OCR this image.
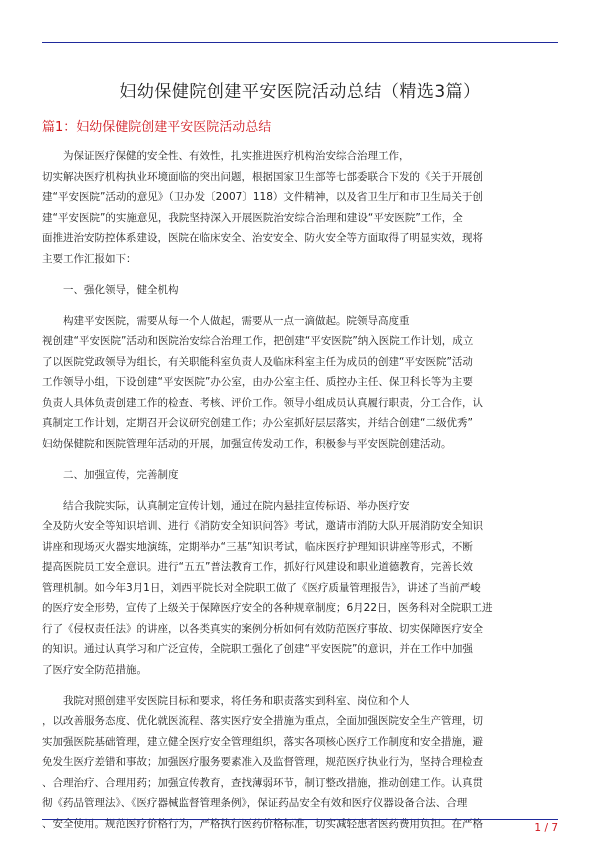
妇幼保健院创建平安医院活动总结（精选3篇）
篇1：妇幼保健院创建平安医院活动总结

为保证医疗保健的安全性、有效性，扎实推进医疗机构治安综合治理工作，

切实解决医疗机构执业环境面临的突出问题，根据国家卫生部等七部委联合下发的《关于开展创

建“平安医院”活动的意见》（卫办发〔2007〕118）文件精神，以及省卫生厅和市卫生局关于创

建“平安医院”的实施意见，我院坚持深入开展医院治安综合治理和建设“平安医院”工作，全

面推进治安防控体系建设，医院在临床安全、治安安全、防火安全等方面取得了明显实效，现将

主要工作汇报如下：

一、强化领导，健全机构

构建平安医院，需要从每一个人做起，需要从一点一滴做起。院领导高度重

视创建“平安医院”活动和医院治安综合治理工作，把创建“平安医院”纳入医院工作计划，成立

了以医院党政领导为组长，有关职能科室负责人及临床科室主任为成员的创建“平安医院”活动

工作领导小组，下设创建“平安医院”办公室，由办公室主任、质控办主任、保卫科长等为主要

负责人具体负责创建工作的检查、考核、评价工作。领导小组成员认真履行职责，分工合作，认

真制定工作计划，定期召开会议研究创建工作；办公室抓好层层落实，并结合创建“二级优秀”

妇幼保健院和医院管理年活动的开展，加强宣传发动工作，积极参与平安医院创建活动。

二、加强宣传，完善制度

结合我院实际，认真制定宣传计划，通过在院内悬挂宣传标语、举办医疗安

全及防火安全等知识培训、进行《消防安全知识问答》考试，邀请市消防大队开展消防安全知识

讲座和现场灭火器实地演练，定期举办“三基”知识考试，临床医疗护理知识讲座等形式，不断

提高医院员工安全意识。进行“五五”普法教育工作，抓好行风建设和职业道德教育，完善长效

管理机制。如今年3月1日，刘西平院长对全院职工做了《医疗质量管理报告》，讲述了当前严峻

的医疗安全形势，宣传了上级关于保障医疗安全的各种规章制度；6月22日，医务科对全院职工进

行了《侵权责任法》的讲座，以各类真实的案例分析如何有效防范医疗事故、切实保障医疗安全

的知识。通过认真学习和广泛宣传，全院职工强化了创建“平安医院”的意识，并在工作中加强

了医疗安全防范措施。

我院对照创建平安医院目标和要求，将任务和职责落实到科室、岗位和个人

，以改善服务态度、优化就医流程、落实医疗安全措施为重点，全面加强医院安全生产管理，切

实加强医院基础管理，建立健全医疗安全管理组织，落实各项核心医疗工作制度和安全措施，避

免发生医疗差错和事故；加强医疗服务要素准入及监督管理，规范医疗执业行为，坚持合理检查

、合理治疗、合理用药；加强宣传教育，查找薄弱环节，制订整改措施，推动创建工作。认真贯

彻《药品管理法》、《医疗器械监督管理条例》，保证药品安全有效和医疗仪器设备合法、合理

、安全使用。规范医疗价格行为，严格执行医药价格标准，切实减轻患者医药费用负担。在严格	1 / 7
